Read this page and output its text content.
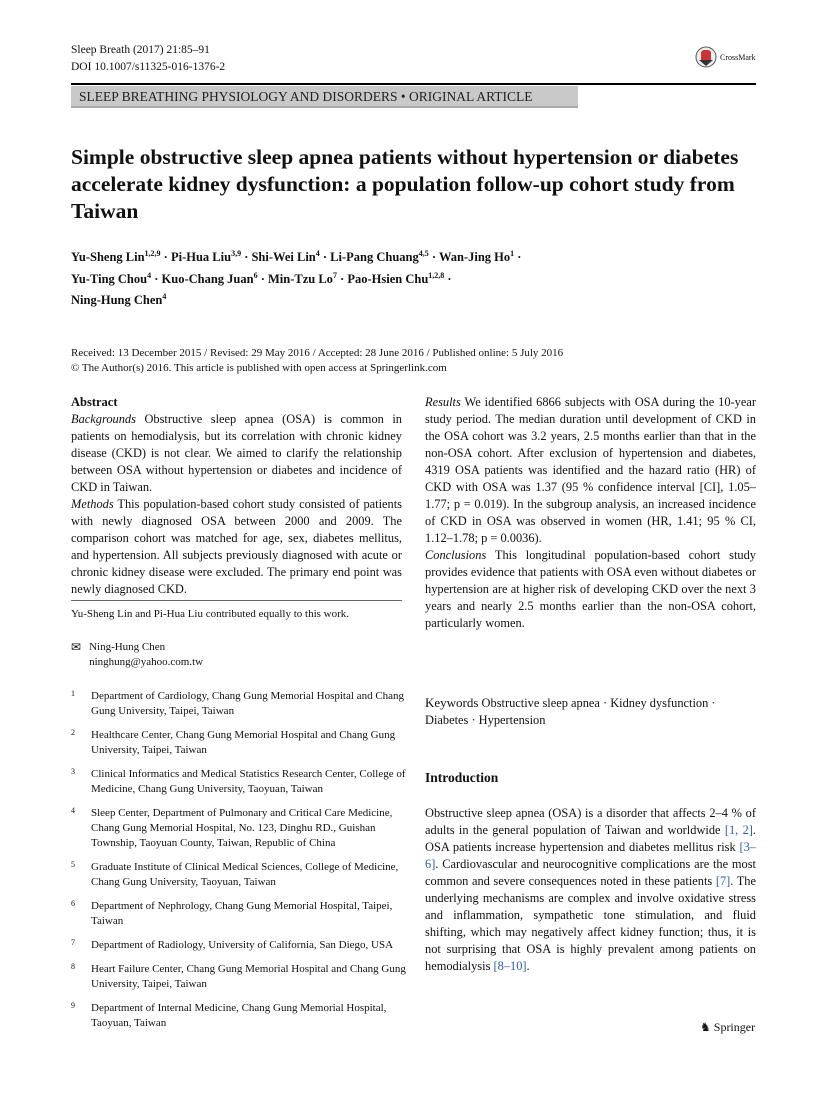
Sleep Breath (2017) 21:85–91
DOI 10.1007/s11325-016-1376-2
CrossMark
SLEEP BREATHING PHYSIOLOGY AND DISORDERS • ORIGINAL ARTICLE
Simple obstructive sleep apnea patients without hypertension or diabetes accelerate kidney dysfunction: a population follow-up cohort study from Taiwan
Yu-Sheng Lin$^{1,2,9}$ · Pi-Hua Liu$^{3,9}$ · Shi-Wei Lin$^4$ · Li-Pang Chuang$^{4,5}$ · Wan-Jing $Ho^1$ ·
Yu-Ting Chou$^4$ · Kuo-Chang Juan$^6$ · Min-Tzu $Lo^7$ · Pao-Hsien Chu$^{1,2,8}$ ·
Ning-Hung Chen$^4$
Received: 13 December 2015 / Revised: 29 May 2016 / Accepted: 28 June 2016 / Published online: 5 July 2016
© The Author(s) 2016. This article is published with open access at Springerlink.com

Abstract

Backgrounds Obstructive sleep apnea (OSA) is common in patients on hemodialysis, but its correlation with chronic kidney disease (CKD) is not clear. We aimed to clarify the relationship between OSA without hypertension or diabetes and incidence of CKD in Taiwan.

Methods This population-based cohort study consisted of patients with newly diagnosed OSA between 2000 and 2009. The comparison cohort was matched for age, sex, diabetes mellitus, and hypertension. All subjects previously diagnosed with acute or chronic kidney disease were excluded. The primary end point was newly diagnosed CKD.

Yu-Sheng Lin and Pi-Hua Liu contributed equally to this work.
✉ Ning-Hung Chen
ninghung@yahoo.com.tw
1	Department of Cardiology, Chang Gung Memorial Hospital and Chang Gung University, Taipei, Taiwan
2	Healthcare Center, Chang Gung Memorial Hospital and Chang Gung University, Taipei, Taiwan
3	Clinical Informatics and Medical Statistics Research Center, College of Medicine, Chang Gung University, Taoyuan, Taiwan
4	Sleep Center, Department of Pulmonary and Critical Care Medicine, Chang Gung Memorial Hospital, No. 123, Dinghu RD., Guishan Township, Taoyuan County, Taiwan, Republic of China
5	Graduate Institute of Clinical Medical Sciences, College of Medicine, Chang Gung University, Taoyuan, Taiwan
6	Department of Nephrology, Chang Gung Memorial Hospital, Taipei, Taiwan
7	Department of Radiology, University of California, San Diego, USA
8	Heart Failure Center, Chang Gung Memorial Hospital and Chang Gung University, Taipei, Taiwan
9	Department of Internal Medicine, Chang Gung Memorial Hospital, Taoyuan, Taiwan

Results We identified 6866 subjects with OSA during the 10-year study period. The median duration until development of CKD in the OSA cohort was 3.2 years, 2.5 months earlier than that in the non-OSA cohort. After exclusion of hypertension and diabetes, 4319 OSA patients was identified and the hazard ratio (HR) of CKD with OSA was 1.37 (95 % confidence interval [CI], 1.05–1.77; p = 0.019). In the subgroup analysis, an increased incidence of CKD in OSA was observed in women (HR, 1.41; 95 % CI, 1.12–1.78; p = 0.0036).

Conclusions This longitudinal population-based cohort study provides evidence that patients with OSA even without diabetes or hypertension are at higher risk of developing CKD over the next 3 years and nearly 2.5 months earlier than the non-OSA cohort, particularly women.

Keywords Obstructive sleep apnea · Kidney dysfunction · Diabetes · Hypertension
Introduction

Obstructive sleep apnea (OSA) is a disorder that affects 2–4 % of adults in the general population of Taiwan and worldwide [1, 2]. OSA patients increase hypertension and diabetes mellitus risk [3–6]. Cardiovascular and neurocognitive complications are the most common and severe consequences noted in these patients [7]. The underlying mechanisms are complex and involve oxidative stress and inflammation, sympathetic tone stimulation, and fluid shifting, which may negatively affect kidney function; thus, it is not surprising that OSA is highly prevalent among patients on hemodialysis [8–10].

♞ Springer
